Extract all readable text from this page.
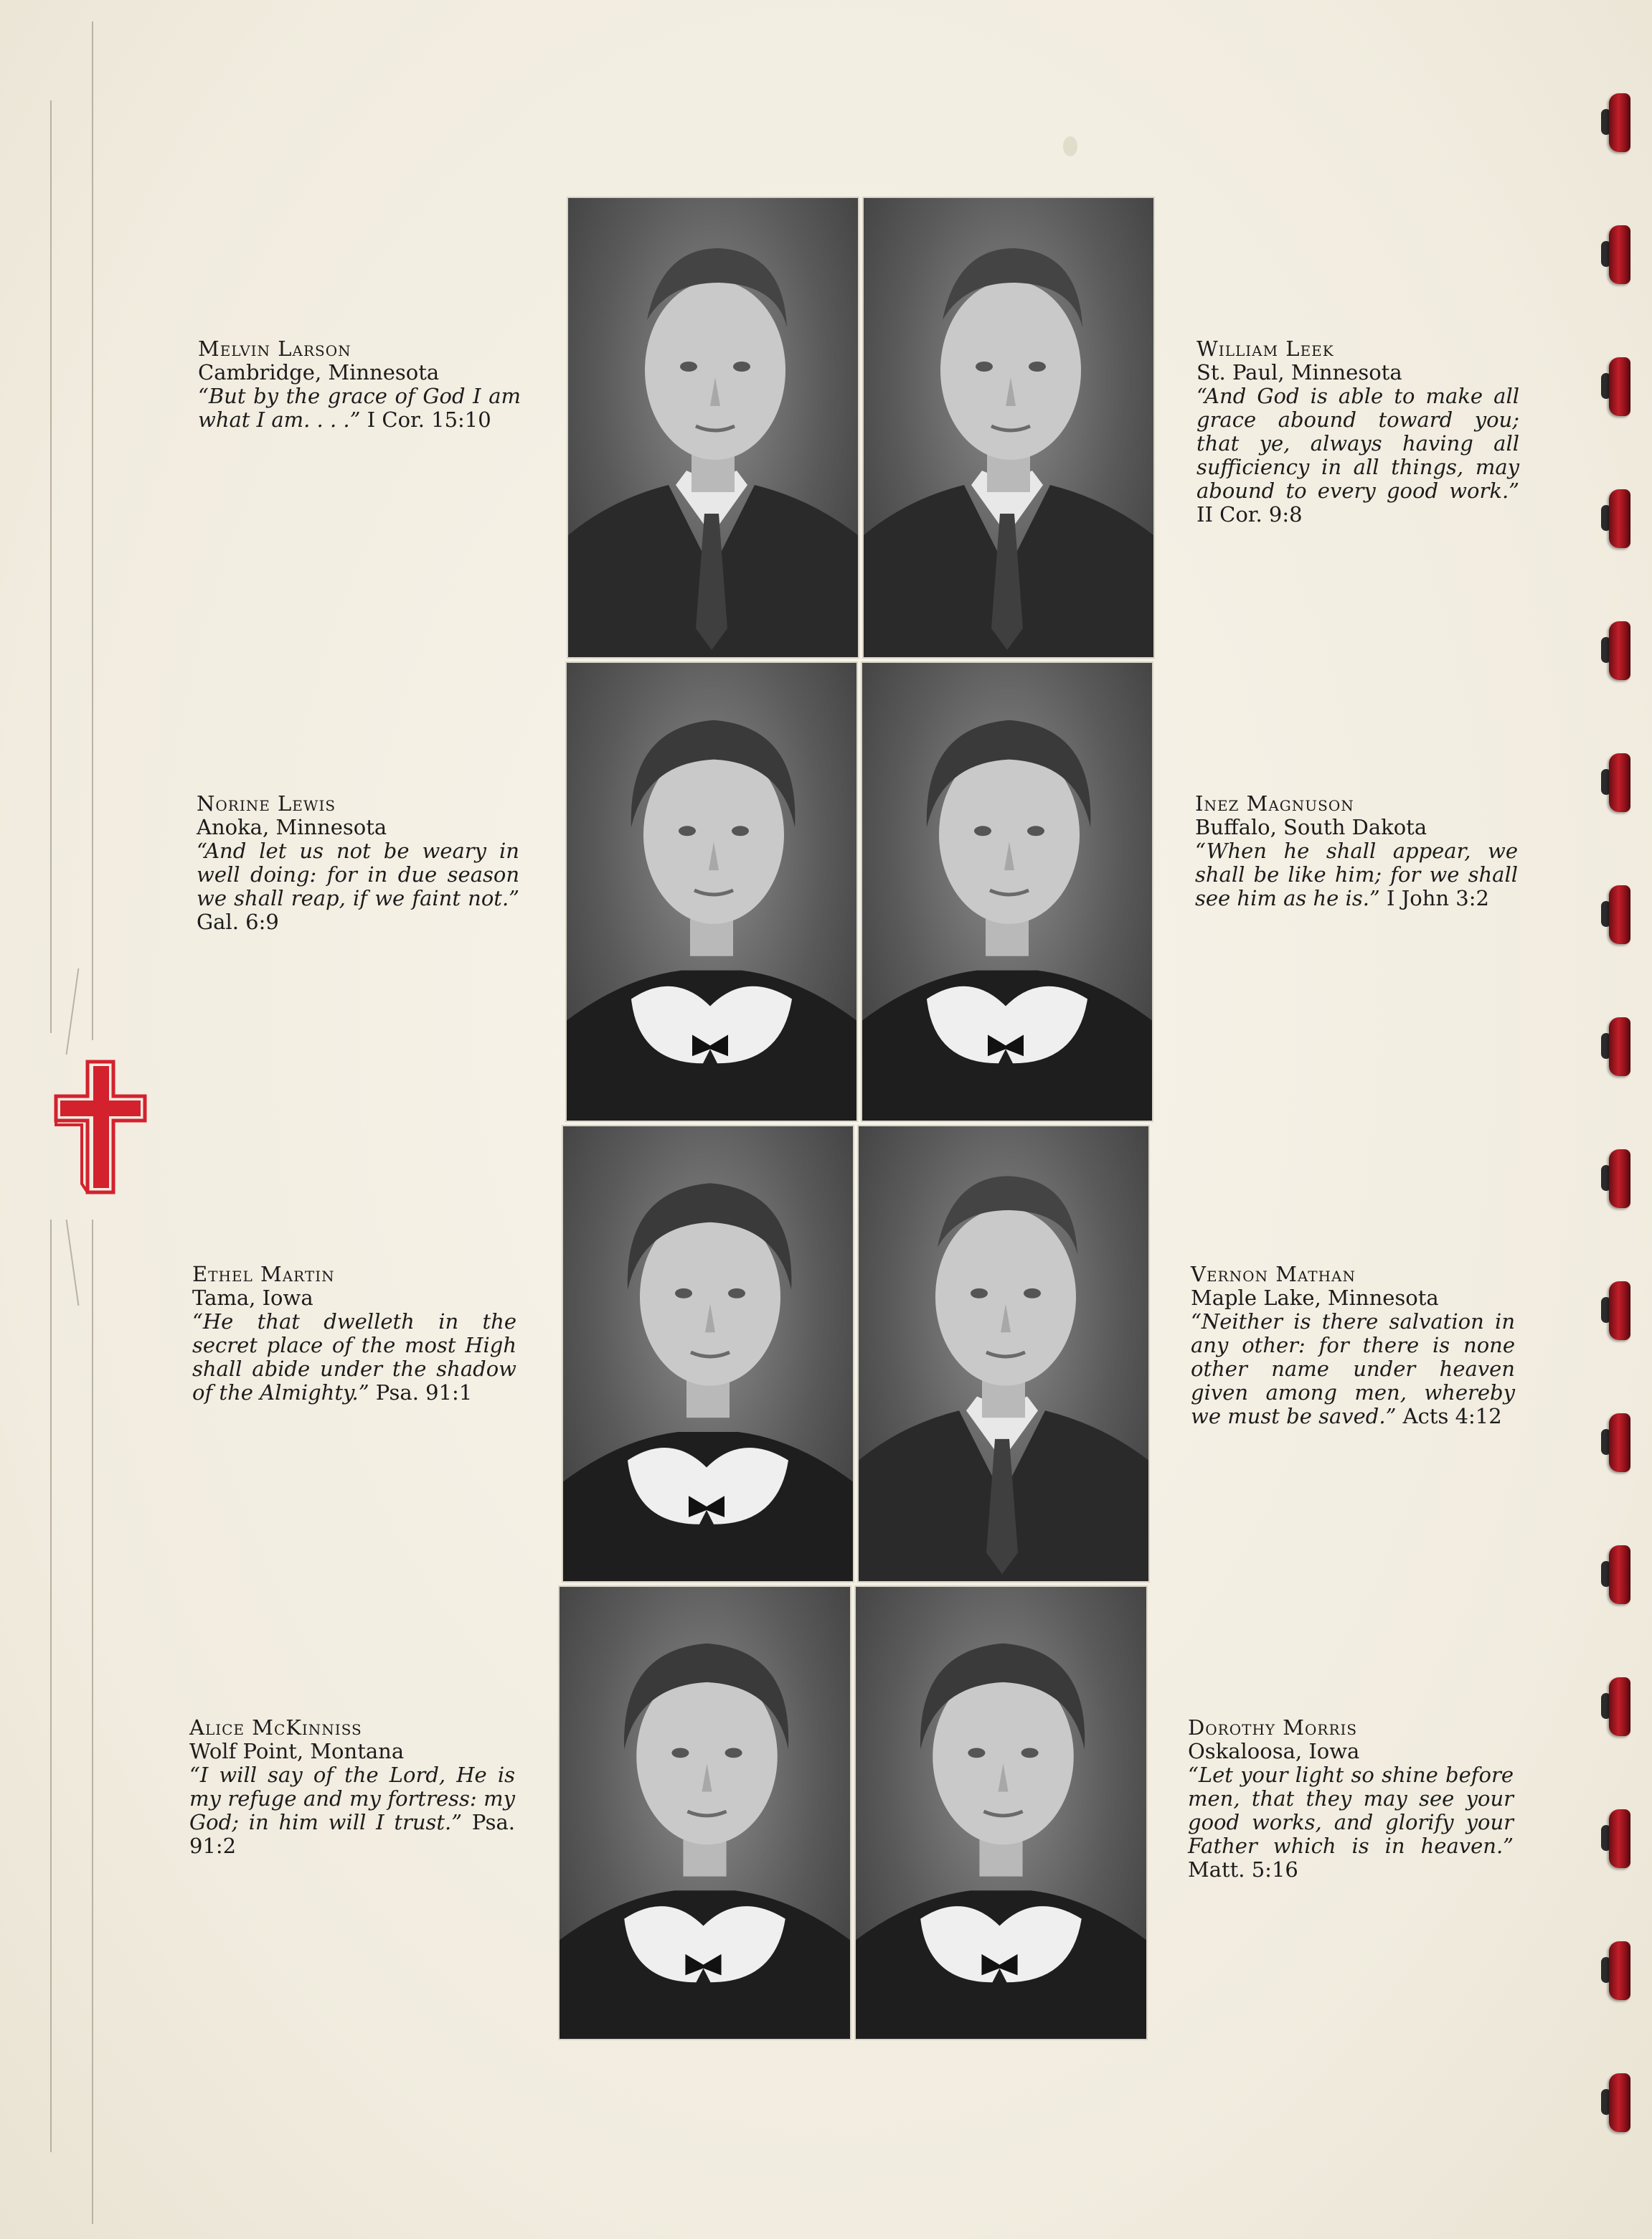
Melvin Larson
Cambridge, Minnesota
“But by the grace of God I am what I am. . . .” I Cor. 15:10
William Leek
St. Paul, Minnesota
“And God is able to make all grace abound toward you; that ye, always having all sufficiency in all things, may abound to every good work.” II Cor. 9:8
Norine Lewis
Anoka, Minnesota
“And let us not be weary in well doing: for in due season we shall reap, if we faint not.” Gal. 6:9
Inez Magnuson
Buffalo, South Dakota
“When he shall appear, we shall be like him; for we shall see him as he is.” I John 3:2
Ethel Martin
Tama, Iowa
“He that dwelleth in the secret place of the most High shall abide under the shadow of the Almighty.” Psa. 91:1
Vernon Mathan
Maple Lake, Minnesota
“Neither is there salvation in any other: for there is none other name under heaven given among men, whereby we must be saved.” Acts 4:12
Alice McKinniss
Wolf Point, Montana
“I will say of the Lord, He is my refuge and my fortress: my God; in him will I trust.” Psa. 91:2
Dorothy Morris
Oskaloosa, Iowa
“Let your light so shine before men, that they may see your good works, and glorify your Father which is in heaven.” Matt. 5:16
